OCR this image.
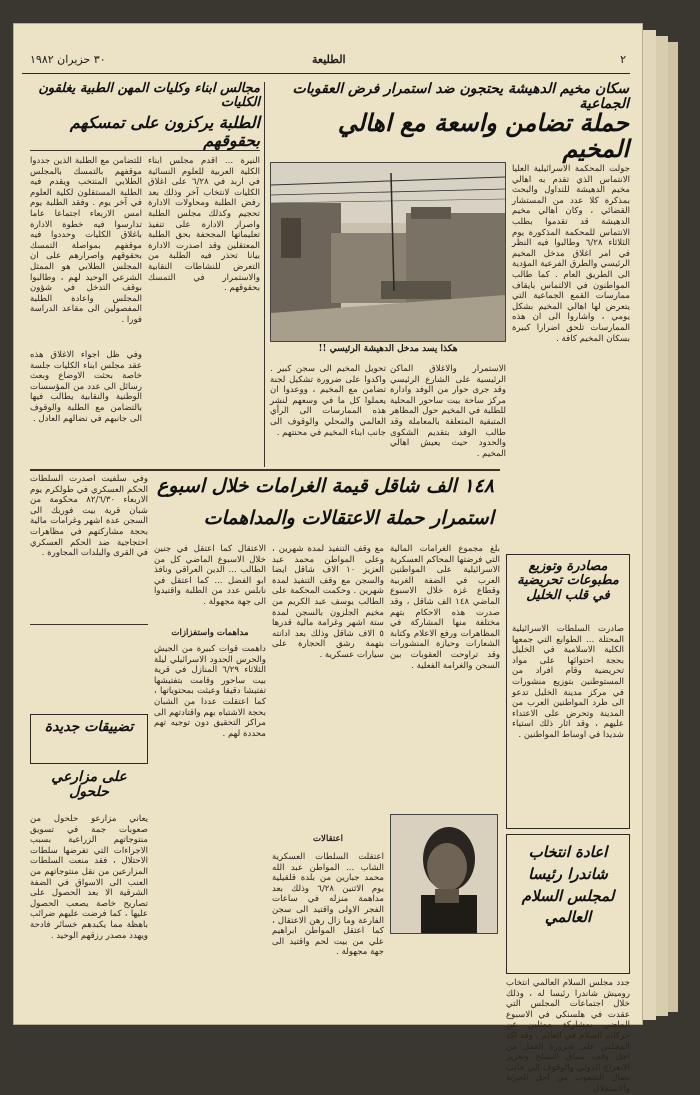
٣٠ حزيران ١٩٨٢	الطليعة	٢
سكان مخيم الدهيشة يحتجون ضد استمرار فرض العقوبات الجماعية
حملة تضامن واسعة مع اهالي المخيم
هكذا يسد مدخل الدهيشة الرئيسي !!
جولت المحكمة الاسرائيلية العليا الانتماس الذي تقدم به اهالي مخيم الدهيشة للتداول والبحث بمذكرة كلا عدد من المستشار القضائي ، وكان اهالي مخيم الدهيشة قد تقدموا بطلب الانتماس للمحكمة المذكورة يوم الثلاثاء ٦/٢٨ وطالبوا فيه النظر في امر اغلاق مدخل المخيم الرئيسي والطرق الفرعية المؤدية الى الطريق العام . كما طالب المواطنون في الالتماس بايقاف ممارسات القمع الجماعية التي يتعرض لها اهالي المخيم بشكل يومي ، واشاروا الى ان هذه الممارسات تلحق اضرارا كبيرة بسكان المخيم كافة .
الاستمرار والاغلاق الماكن الرئيسية على الشارع الرئيسي وقد جرى حوار من الوفد وادارة مركز ساحة بيت ساحور المحلية للطلبة في المخيم حول المظاهر المتبقية المتعلقة بالمعاملة وقد طالب الوفد بتقديم الشكوى والحدود حيث يعيش اهالي المخيم .
تحويل المخيم الى سجن كبير . واكدوا على ضرورة تشكيل لجنة تضامن مع المخيم ، ووعدوا ان يعملوا كل ما في وسعهم لنشر هذه الممارسات الى الرأي العالمي والمحلي والوقوف الى جانب ابناء المخيم في محنتهم .
مجالس ابناء وكليات المهن الطبية يغلقون الكليات
الطلبة يركزون على تمسكهم بحقوقهم
النيرة ... اقدم مجلس ابناء الكلية العربية للعلوم النسائية في اربد في ٦/٢٨ على اغلاق الكليات لانتخاب آخر وذلك بعد رفض الطلبة ومحاولات الادارة تحجيم وكذلك مجلس الطلبة واصرار الادارة على تنفيذ تعليماتها المجحفة بحق الطلبة المعتقلين وقد اصدرت الادارة بيانا تحذر فيه الطلبة من التعرض للنشاطات النقابية والاستمرار في التمسك بحقوقهم .
للتضامن مع الطلبة الذين جددوا موقفهم بالتمسك بالمجلس الطلابي المنتخب ويقدم فيه الطلبة المستقلون لكلية العلوم في آخر يوم . وفقد الطلبة يوم امس الاربعاء اجتماعا عاما تدارسوا فيه خطوة الادارة باغلاق الكليات وحددوا فيه موقفهم بمواصلة التمسك بحقوقهم واصرارهم على ان المجلس الطلابي هو الممثل الشرعي الوحيد لهم ، وطالبوا بوقف التدخل في شؤون المجلس واعادة الطلبة المفصولين الى مقاعد الدراسة فورا .
وفي ظل اجواء الاغلاق هذه عقد مجلس ابناء الكليات جلسة خاصة بحثت الاوضاع وبعث رسائل الى عدد من المؤسسات الوطنية والنقابية يطالب فيها بالتضامن مع الطلبة والوقوف الى جانبهم في نضالهم العادل .
١٤٨ الف شاقل قيمة الغرامات خلال اسبوع
استمرار حملة الاعتقالات والمداهمات
بلغ مجموع الغرامات المالية التي فرضتها المحاكم العسكرية الاسرائيلية على المواطنين العرب في الضفة الغربية وقطاع غزة خلال الاسبوع الماضي ١٤٨ الف شاقل ، وقد صدرت هذه الاحكام بتهم مختلفة منها المشاركة في المظاهرات ورفع الاعلام وكتابة الشعارات وحيازة المنشورات وقد تراوحت العقوبات بين السجن والغرامة الفعلية .
مع وقف التنفيذ لمدة شهرين ، وعلى المواطن محمد عبد العزيز ١٠ الاف شاقل ايضا والسجن مع وقف التنفيذ لمدة شهرين . وحكمت المحكمة على الطالب يوسف عبد الكريم من مخيم الجلزون بالسجن لمدة ستة اشهر وغرامة مالية قدرها ٥ الاف شاقل وذلك بعد ادانته بتهمة رشق الحجارة على سيارات عسكرية .
الاعتقال كما اعتقل في جنين خلال الاسبوع الماضي كل من الطالب ... الدين العراقي ونافذ ابو الفضل ... كما اعتقل في نابلس عدد من الطلبة واقتيدوا الى جهة مجهولة .
مداهمات واستفزازات
داهمت قوات كبيرة من الجيش والحرس الحدود الاسرائيلي ليلة الثلاثاء ٦/٢٩ المنازل في قرية بيت ساحور وقامت بتفتيشها تفتيشا دقيقا وعبثت بمحتوياتها ، كما اعتقلت عددا من الشبان بحجة الاشتباه بهم واقتادتهم الى مراكز التحقيق دون توجيه تهم محددة لهم .
اعتقالات
اعتقلت السلطات العسكرية الشاب ... المواطن عبد الله محمد جبارين من بلدة قلقيلية يوم الاثنين ٦/٢٨ وذلك بعد مداهمة منزله في ساعات الفجر الاولى واقتيد الى سجن الفارعة وما زال رهن الاعتقال ، كما اعتقل المواطن ابراهيم علي من بيت لحم واقتيد الى جهة مجهولة .
وفي سلفيت اصدرت السلطات الحكم العسكري في طولكرم يوم الاربعاء ٨٢/٦/٣٠ محكومة من شبان قرية بيت فوريك الى السجن عدة اشهر وغرامات مالية بحجة مشاركتهم في مظاهرات احتجاجية ضد الحكم العسكري في القرى والبلدات المجاورة .
مصادرة وتوزيع مطبوعات تحريضية في قلب الخليل
صادرت السلطات الاسرائيلية المحتلة ... الطوابع التي جمعها الكلية الاسلامية في الخليل بحجة احتوائها على مواد تحريضية وقام افراد من المستوطنين بتوزيع منشورات في مركز مدينة الخليل تدعو الى طرد المواطنين العرب من المدينة وتحرض على الاعتداء عليهم ، وقد اثار ذلك استياء شديدا في اوساط المواطنين .
تضييقات جديدة
على مزارعي حلحول
يعاني مزارعو حلحول من صعوبات جمة في تسويق منتوجاتهم الزراعية بسبب الاجراءات التي تفرضها سلطات الاحتلال ، فقد منعت السلطات المزارعين من نقل منتوجاتهم من العنب الى الاسواق في الضفة الشرقية الا بعد الحصول على تصاريح خاصة يصعب الحصول عليها ، كما فرضت عليهم ضرائب باهظة مما يكبدهم خسائر فادحة ويهدد مصدر رزقهم الوحيد .
اعادة انتخاب شاندرا رئيسا لمجلس السلام العالمي
جدد مجلس السلام العالمي انتخاب روميش شاندرا رئيسا له ، وذلك خلال اجتماعات المجلس التي عقدت في هلسنكي في الاسبوع الماضي بمشاركة ممثلين عن حركات السلام في العالم ، وقد اكد المجلس على ضرورة العمل من اجل وقف سباق التسلح وتعزيز الانفراج الدولي والوقوف الى جانب نضال الشعوب من اجل الحرية والاستقلال .
